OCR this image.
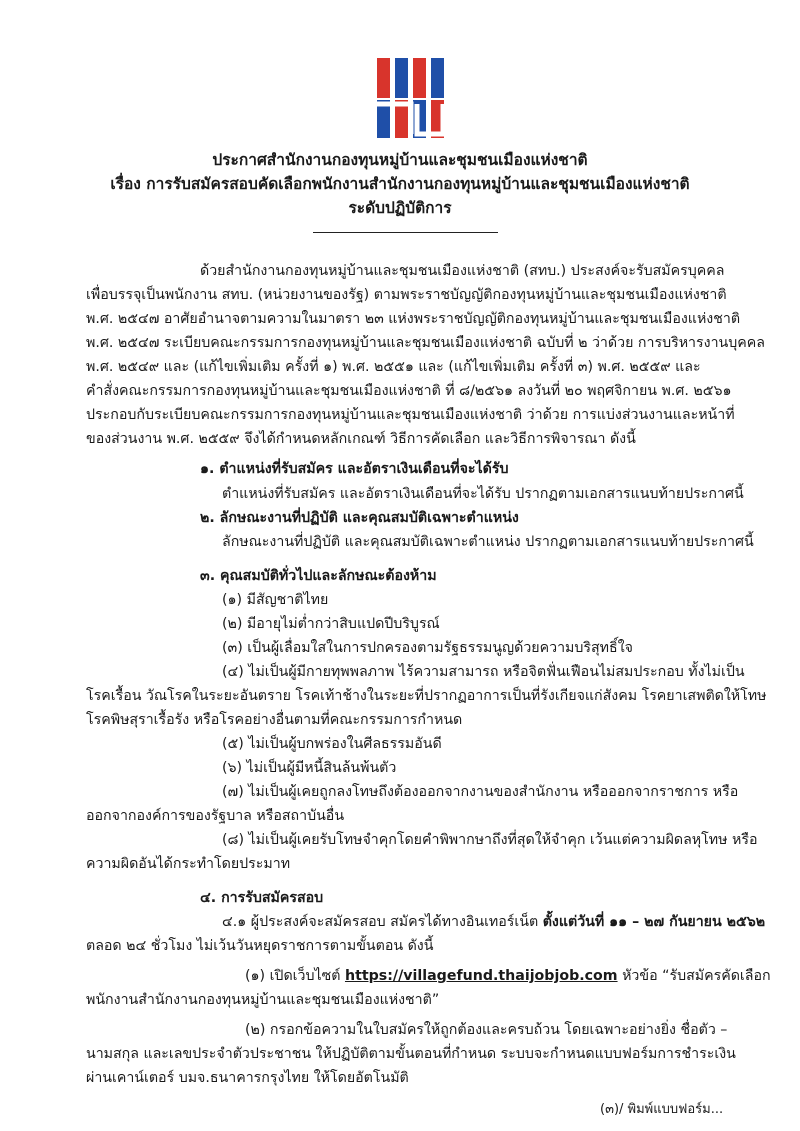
ประกาศสำนักงานกองทุนหมู่บ้านและชุมชนเมืองแห่งชาติ
เรื่อง การรับสมัครสอบคัดเลือกพนักงานสำนักงานกองทุนหมู่บ้านและชุมชนเมืองแห่งชาติ
ระดับปฏิบัติการ
ด้วยสำนักงานกองทุนหมู่บ้านและชุมชนเมืองแห่งชาติ (สทบ.) ประสงค์จะรับสมัครบุคคล
เพื่อบรรจุเป็นพนักงาน สทบ. (หน่วยงานของรัฐ) ตามพระราชบัญญัติกองทุนหมู่บ้านและชุมชนเมืองแห่งชาติ
พ.ศ. ๒๕๔๗ อาศัยอำนาจตามความในมาตรา ๒๓ แห่งพระราชบัญญัติกองทุนหมู่บ้านและชุมชนเมืองแห่งชาติ
พ.ศ. ๒๕๔๗ ระเบียบคณะกรรมการกองทุนหมู่บ้านและชุมชนเมืองแห่งชาติ ฉบับที่ ๒ ว่าด้วย การบริหารงานบุคคล
พ.ศ. ๒๕๔๙ และ (แก้ไขเพิ่มเติม ครั้งที่ ๑) พ.ศ. ๒๕๕๑ และ (แก้ไขเพิ่มเติม ครั้งที่ ๓) พ.ศ. ๒๕๕๙ และ
คำสั่งคณะกรรมการกองทุนหมู่บ้านและชุมชนเมืองแห่งชาติ ที่ ๘/๒๕๖๑ ลงวันที่ ๒๐ พฤศจิกายน พ.ศ. ๒๕๖๑
ประกอบกับระเบียบคณะกรรมการกองทุนหมู่บ้านและชุมชนเมืองแห่งชาติ ว่าด้วย การแบ่งส่วนงานและหน้าที่
ของส่วนงาน พ.ศ. ๒๕๕๙ จึงได้กำหนดหลักเกณฑ์ วิธีการคัดเลือก และวิธีการพิจารณา ดังนี้
๑. ตำแหน่งที่รับสมัคร และอัตราเงินเดือนที่จะได้รับ
ตำแหน่งที่รับสมัคร และอัตราเงินเดือนที่จะได้รับ ปรากฏตามเอกสารแนบท้ายประกาศนี้
๒. ลักษณะงานที่ปฏิบัติ และคุณสมบัติเฉพาะตำแหน่ง
ลักษณะงานที่ปฏิบัติ และคุณสมบัติเฉพาะตำแหน่ง ปรากฏตามเอกสารแนบท้ายประกาศนี้
๓. คุณสมบัติทั่วไปและลักษณะต้องห้าม
(๑) มีสัญชาติไทย
(๒) มีอายุไม่ต่ำกว่าสิบแปดปีบริบูรณ์
(๓) เป็นผู้เลื่อมใสในการปกครองตามรัฐธรรมนูญด้วยความบริสุทธิ์ใจ
(๔) ไม่เป็นผู้มีกายทุพพลภาพ ไร้ความสามารถ หรือจิตฟั่นเฟือนไม่สมประกอบ ทั้งไม่เป็น
โรคเรื้อน วัณโรคในระยะอันตราย โรคเท้าช้างในระยะที่ปรากฏอาการเป็นที่รังเกียจแก่สังคม โรคยาเสพติดให้โทษ
โรคพิษสุราเรื้อรัง หรือโรคอย่างอื่นตามที่คณะกรรมการกำหนด
(๕) ไม่เป็นผู้บกพร่องในศีลธรรมอันดี
(๖) ไม่เป็นผู้มีหนี้สินล้นพ้นตัว
(๗) ไม่เป็นผู้เคยถูกลงโทษถึงต้องออกจากงานของสำนักงาน หรือออกจากราชการ หรือ
ออกจากองค์การของรัฐบาล หรือสถาบันอื่น
(๘) ไม่เป็นผู้เคยรับโทษจำคุกโดยคำพิพากษาถึงที่สุดให้จำคุก เว้นแต่ความผิดลหุโทษ หรือ
ความผิดอันได้กระทำโดยประมาท
๔. การรับสมัครสอบ
๔.๑ ผู้ประสงค์จะสมัครสอบ สมัครได้ทางอินเทอร์เน็ต ตั้งแต่วันที่ ๑๑ – ๒๗ กันยายน ๒๕๖๒
ตลอด ๒๔ ชั่วโมง ไม่เว้นวันหยุดราชการตามขั้นตอน ดังนี้
(๑) เปิดเว็บไซต์ https://villagefund.thaijobjob.com หัวข้อ “รับสมัครคัดเลือก
พนักงานสำนักงานกองทุนหมู่บ้านและชุมชนเมืองแห่งชาติ”
(๒) กรอกข้อความในใบสมัครให้ถูกต้องและครบถ้วน โดยเฉพาะอย่างยิ่ง ชื่อตัว –
นามสกุล และเลขประจำตัวประชาชน ให้ปฏิบัติตามขั้นตอนที่กำหนด ระบบจะกำหนดแบบฟอร์มการชำระเงิน
ผ่านเคาน์เตอร์ บมจ.ธนาคารกรุงไทย ให้โดยอัตโนมัติ
(๓)/ พิมพ์แบบฟอร์ม...
